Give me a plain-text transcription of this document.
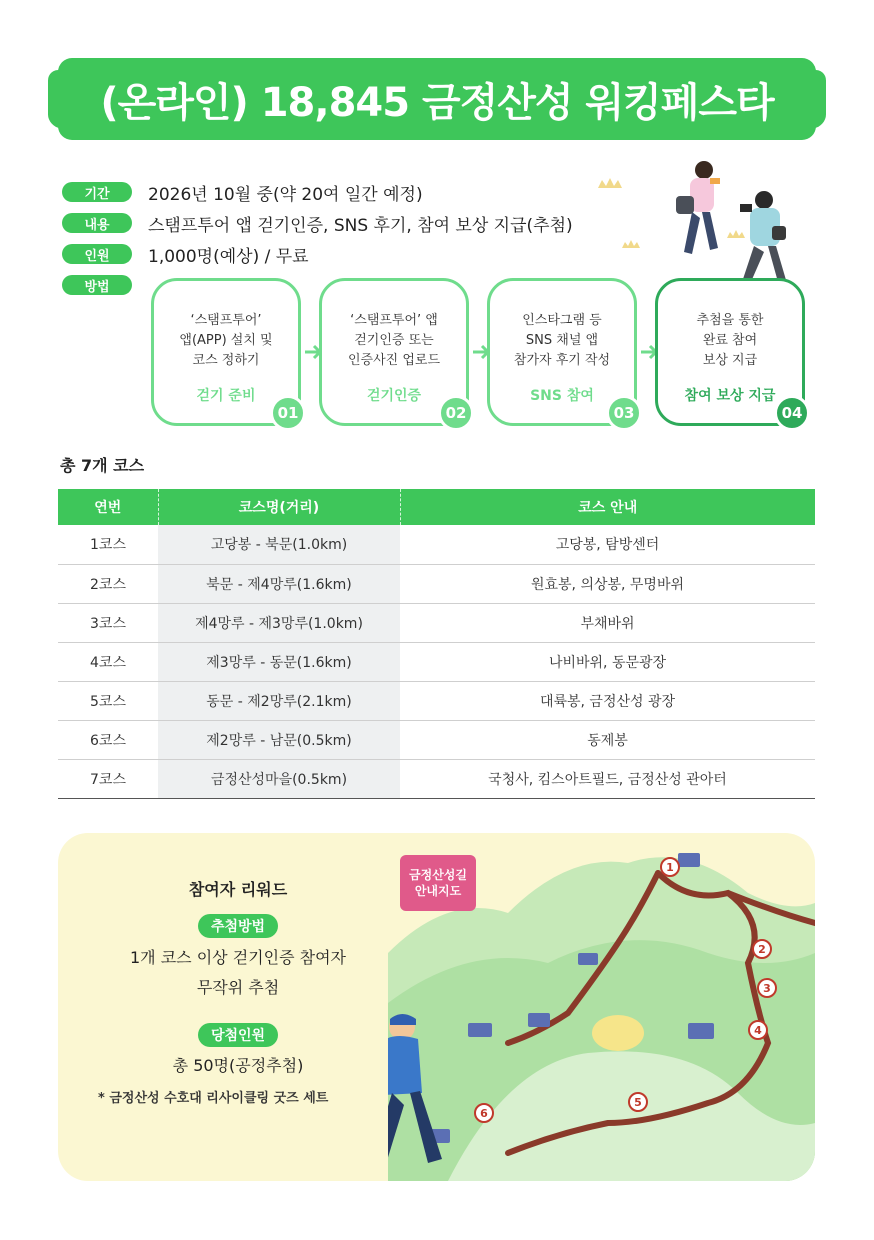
(온라인) 18,845 금정산성 워킹페스타
기간	2026년 10월 중(약 20여 일간 예정)
내용	스탬프투어 앱 걷기인증, SNS 후기, 참여 보상 지급(추첨)
인원	1,000명(예상) / 무료
방법
‘스탬프투어’
앱(APP) 설치 및
코스 정하기
걷기 준비
01
‘스탬프투어’ 앱
걷기인증 또는
인증사진 업로드
걷기인증
02
인스타그램 등
SNS 채널 앱
참가자 후기 작성
SNS 참여
03
추첨을 통한
완료 참여
보상 지급
참여 보상 지급
04
총 7개 코스
연번	코스명(거리)	코스 안내
1코스	고당봉 - 북문(1.0km)	고당봉, 탐방센터
2코스	북문 - 제4망루(1.6km)	원효봉, 의상봉, 무명바위
3코스	제4망루 - 제3망루(1.0km)	부채바위
4코스	제3망루 - 동문(1.6km)	나비바위, 동문광장
5코스	동문 - 제2망루(2.1km)	대륙봉, 금정산성 광장
6코스	제2망루 - 남문(0.5km)	동제봉
7코스	금정산성마을(0.5km)	국청사, 킴스아트필드, 금정산성 관아터
참여자 리워드
추첨방법
1개 코스 이상 걷기인증 참여자
무작위 추첨
당첨인원
총 50명(공정추첨)
* 금정산성 수호대 리사이클링 굿즈 세트
금정산성길
안내지도
1
2
3
4
5
6
